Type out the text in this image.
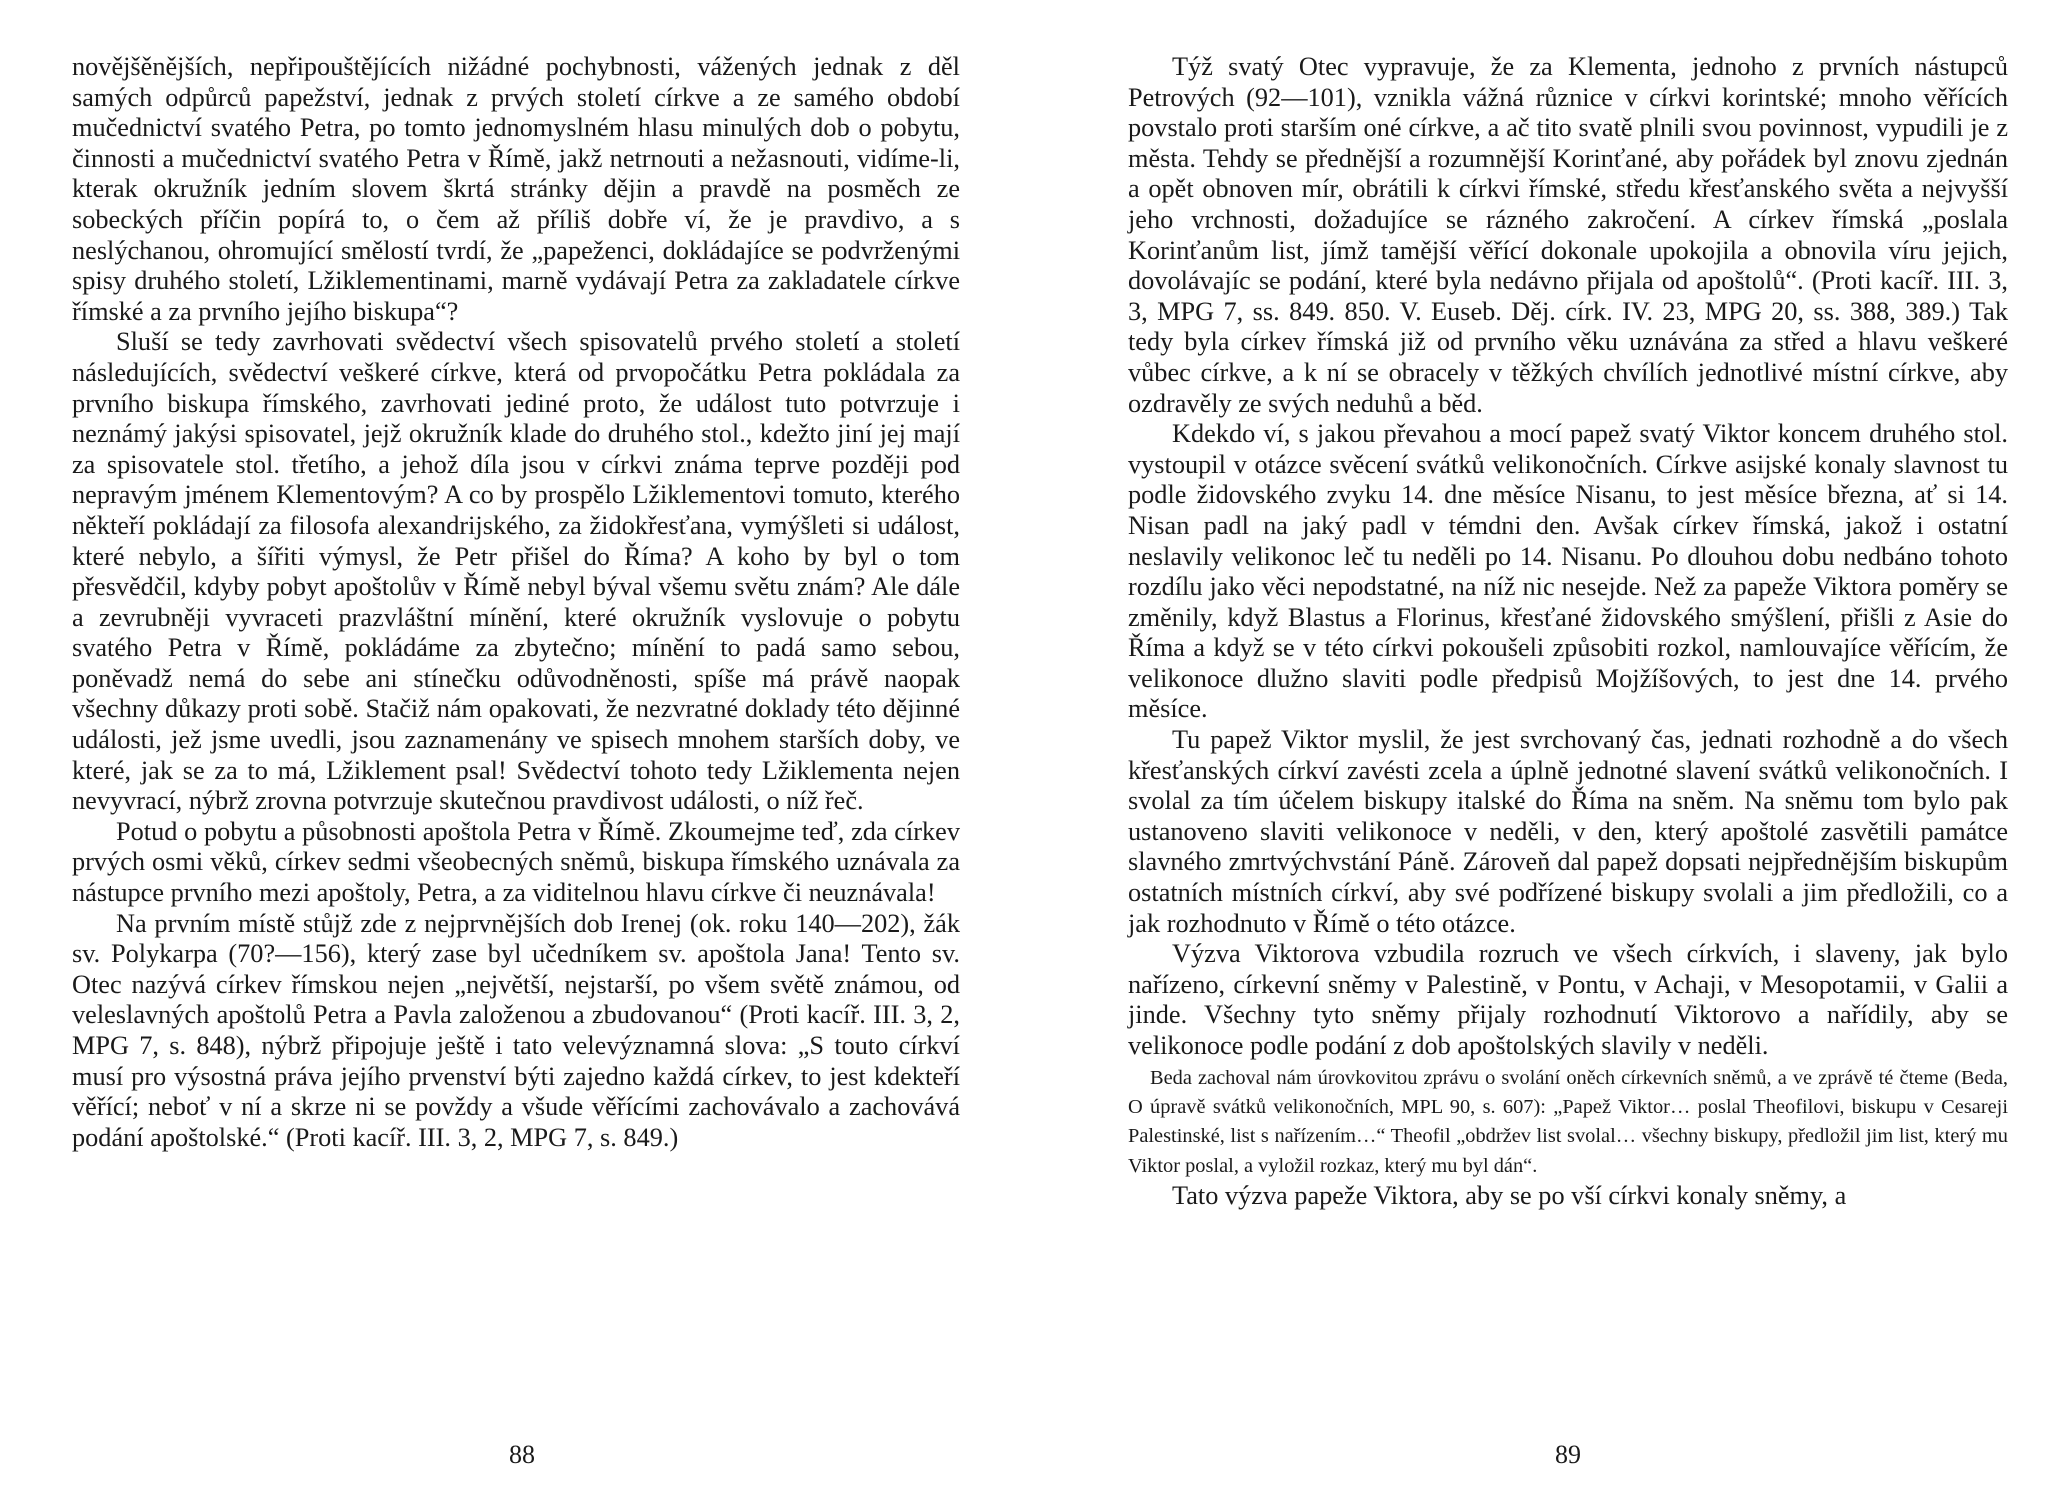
novějšěnějších, nepřipouštějících nižádné pochybnosti, vážených jednak z děl samých odpůrců papežství, jednak z prvých století církve a ze samého období mučednictví svatého Petra, po tomto jednomyslném hlasu minulých dob o pobytu, činnosti a mučednictví svatého Petra v Římě, jakž netrnouti a nežasnouti, vidíme-li, kterak okružník jedním slovem škrtá stránky dějin a pravdě na posměch ze sobeckých příčin popírá to, o čem až příliš dobře ví, že je pravdivo, a s neslýchanou, ohromující smělostí tvrdí, že „papeženci, dokládajíce se podvrženými spisy druhého století, Lžiklementinami, marně vydávají Petra za zakladatele církve římské a za prvního jejího biskupa“?

Sluší se tedy zavrhovati svědectví všech spisovatelů prvého století a století následujících, svědectví veškeré církve, která od prvopočátku Petra pokládala za prvního biskupa římského, zavrhovati jediné proto, že událost tuto potvrzuje i neznámý jakýsi spisovatel, jejž okružník klade do druhého stol., kdežto jiní jej mají za spisovatele stol. třetího, a jehož díla jsou v církvi známa teprve později pod nepravým jménem Klementovým? A co by prospělo Lžiklementovi tomuto, kterého někteří pokládají za filosofa alexandrijského, za židokřesťana, vymýšleti si událost, které nebylo, a šířiti výmysl, že Petr přišel do Říma? A koho by byl o tom přesvědčil, kdyby pobyt apoštolův v Římě nebyl býval všemu světu znám? Ale dále a zevrubněji vyvraceti prazvláštní mínění, které okružník vyslovuje o pobytu svatého Petra v Římě, pokládáme za zbytečno; mínění to padá samo sebou, poněvadž nemá do sebe ani stínečku odůvodněnosti, spíše má právě naopak všechny důkazy proti sobě. Stačiž nám opakovati, že nezvratné doklady této dějinné události, jež jsme uvedli, jsou zaznamenány ve spisech mnohem starších doby, ve které, jak se za to má, Lžiklement psal! Svědectví tohoto tedy Lžiklementa nejen nevyvrací, nýbrž zrovna potvrzuje skutečnou pravdivost události, o níž řeč.

Potud o pobytu a působnosti apoštola Petra v Římě. Zkoumejme teď, zda církev prvých osmi věků, církev sedmi všeobecných sněmů, biskupa římského uznávala za nástupce prvního mezi apoštoly, Petra, a za viditelnou hlavu církve či neuznávala!

Na prvním místě stůjž zde z nejprvnějších dob Irenej (ok. roku 140—202), žák sv. Polykarpa (70?—156), který zase byl učedníkem sv. apoštola Jana! Tento sv. Otec nazývá církev římskou nejen „největší, nejstarší, po všem světě známou, od veleslavných apoštolů Petra a Pavla založenou a zbudovanou“ (Proti kacíř. III. 3, 2, MPG 7, s. 848), nýbrž připojuje ještě i tato velevýznamná slova: „S touto církví musí pro výsostná práva jejího prvenství býti zajedno každá církev, to jest kdekteří věřící; neboť v ní a skrze ni se povždy a všude věřícími zachovávalo a zachovává podání apoštolské.“ (Proti kacíř. III. 3, 2, MPG 7, s. 849.)

88

Týž svatý Otec vypravuje, že za Klementa, jednoho z prvních nástupců Petrových (92—101), vznikla vážná různice v církvi korintské; mnoho věřících povstalo proti starším oné církve, a ač tito svatě plnili svou povinnost, vypudili je z města. Tehdy se přednější a rozumnější Korinťané, aby pořádek byl znovu zjednán a opět obnoven mír, obrátili k církvi římské, středu křesťanského světa a nejvyšší jeho vrchnosti, dožadujíce se rázného zakročení. A církev římská „poslala Korinťanům list, jímž tamější věřící dokonale upokojila a obnovila víru jejich, dovolávajíc se podání, které byla nedávno přijala od apoštolů“. (Proti kacíř. III. 3, 3, MPG 7, ss. 849. 850. V. Euseb. Děj. círk. IV. 23, MPG 20, ss. 388, 389.) Tak tedy byla církev římská již od prvního věku uznávána za střed a hlavu veškeré vůbec církve, a k ní se obracely v těžkých chvílích jednotlivé místní církve, aby ozdravěly ze svých neduhů a běd.

Kdekdo ví, s jakou převahou a mocí papež svatý Viktor koncem druhého stol. vystoupil v otázce svěcení svátků velikonočních. Církve asijské konaly slavnost tu podle židovského zvyku 14. dne měsíce Nisanu, to jest měsíce března, ať si 14. Nisan padl na jaký padl v témdni den. Avšak církev římská, jakož i ostatní neslavily velikonoc leč tu neděli po 14. Nisanu. Po dlouhou dobu nedbáno tohoto rozdílu jako věci nepodstatné, na níž nic nesejde. Než za papeže Viktora poměry se změnily, když Blastus a Florinus, křesťané židovského smýšlení, přišli z Asie do Říma a když se v této církvi pokoušeli způsobiti rozkol, namlouvajíce věřícím, že velikonoce dlužno slaviti podle předpisů Mojžíšových, to jest dne 14. prvého měsíce.

Tu papež Viktor myslil, že jest svrchovaný čas, jednati rozhodně a do všech křesťanských církví zavésti zcela a úplně jednotné slavení svátků velikonočních. I svolal za tím účelem biskupy italské do Říma na sněm. Na sněmu tom bylo pak ustanoveno slaviti velikonoce v neděli, v den, který apoštolé zasvětili památce slavného zmrtvýchvstání Páně. Zároveň dal papež dopsati nejpřednějším biskupům ostatních místních církví, aby své podřízené biskupy svolali a jim předložili, co a jak rozhodnuto v Římě o této otázce.

Výzva Viktorova vzbudila rozruch ve všech církvích, i slaveny, jak bylo nařízeno, církevní sněmy v Palestině, v Pontu, v Achaji, v Mesopotamii, v Galii a jinde. Všechny tyto sněmy přijaly rozhodnutí Viktorovo a nařídily, aby se velikonoce podle podání z dob apoštolských slavily v neděli.

Beda zachoval nám úrovkovitou zprávu o svolání oněch církevních sněmů, a ve zprávě té čteme (Beda, O úpravě svátků velikonočních, MPL 90, s. 607): „Papež Viktor… poslal Theofilovi, biskupu v Cesareji Palestinské, list s nařízením…“ Theofil „obdržev list svolal… všechny biskupy, předložil jim list, který mu Viktor poslal, a vyložil rozkaz, který mu byl dán“.

Tato výzva papeže Viktora, aby se po vší církvi konaly sněmy, a

89
